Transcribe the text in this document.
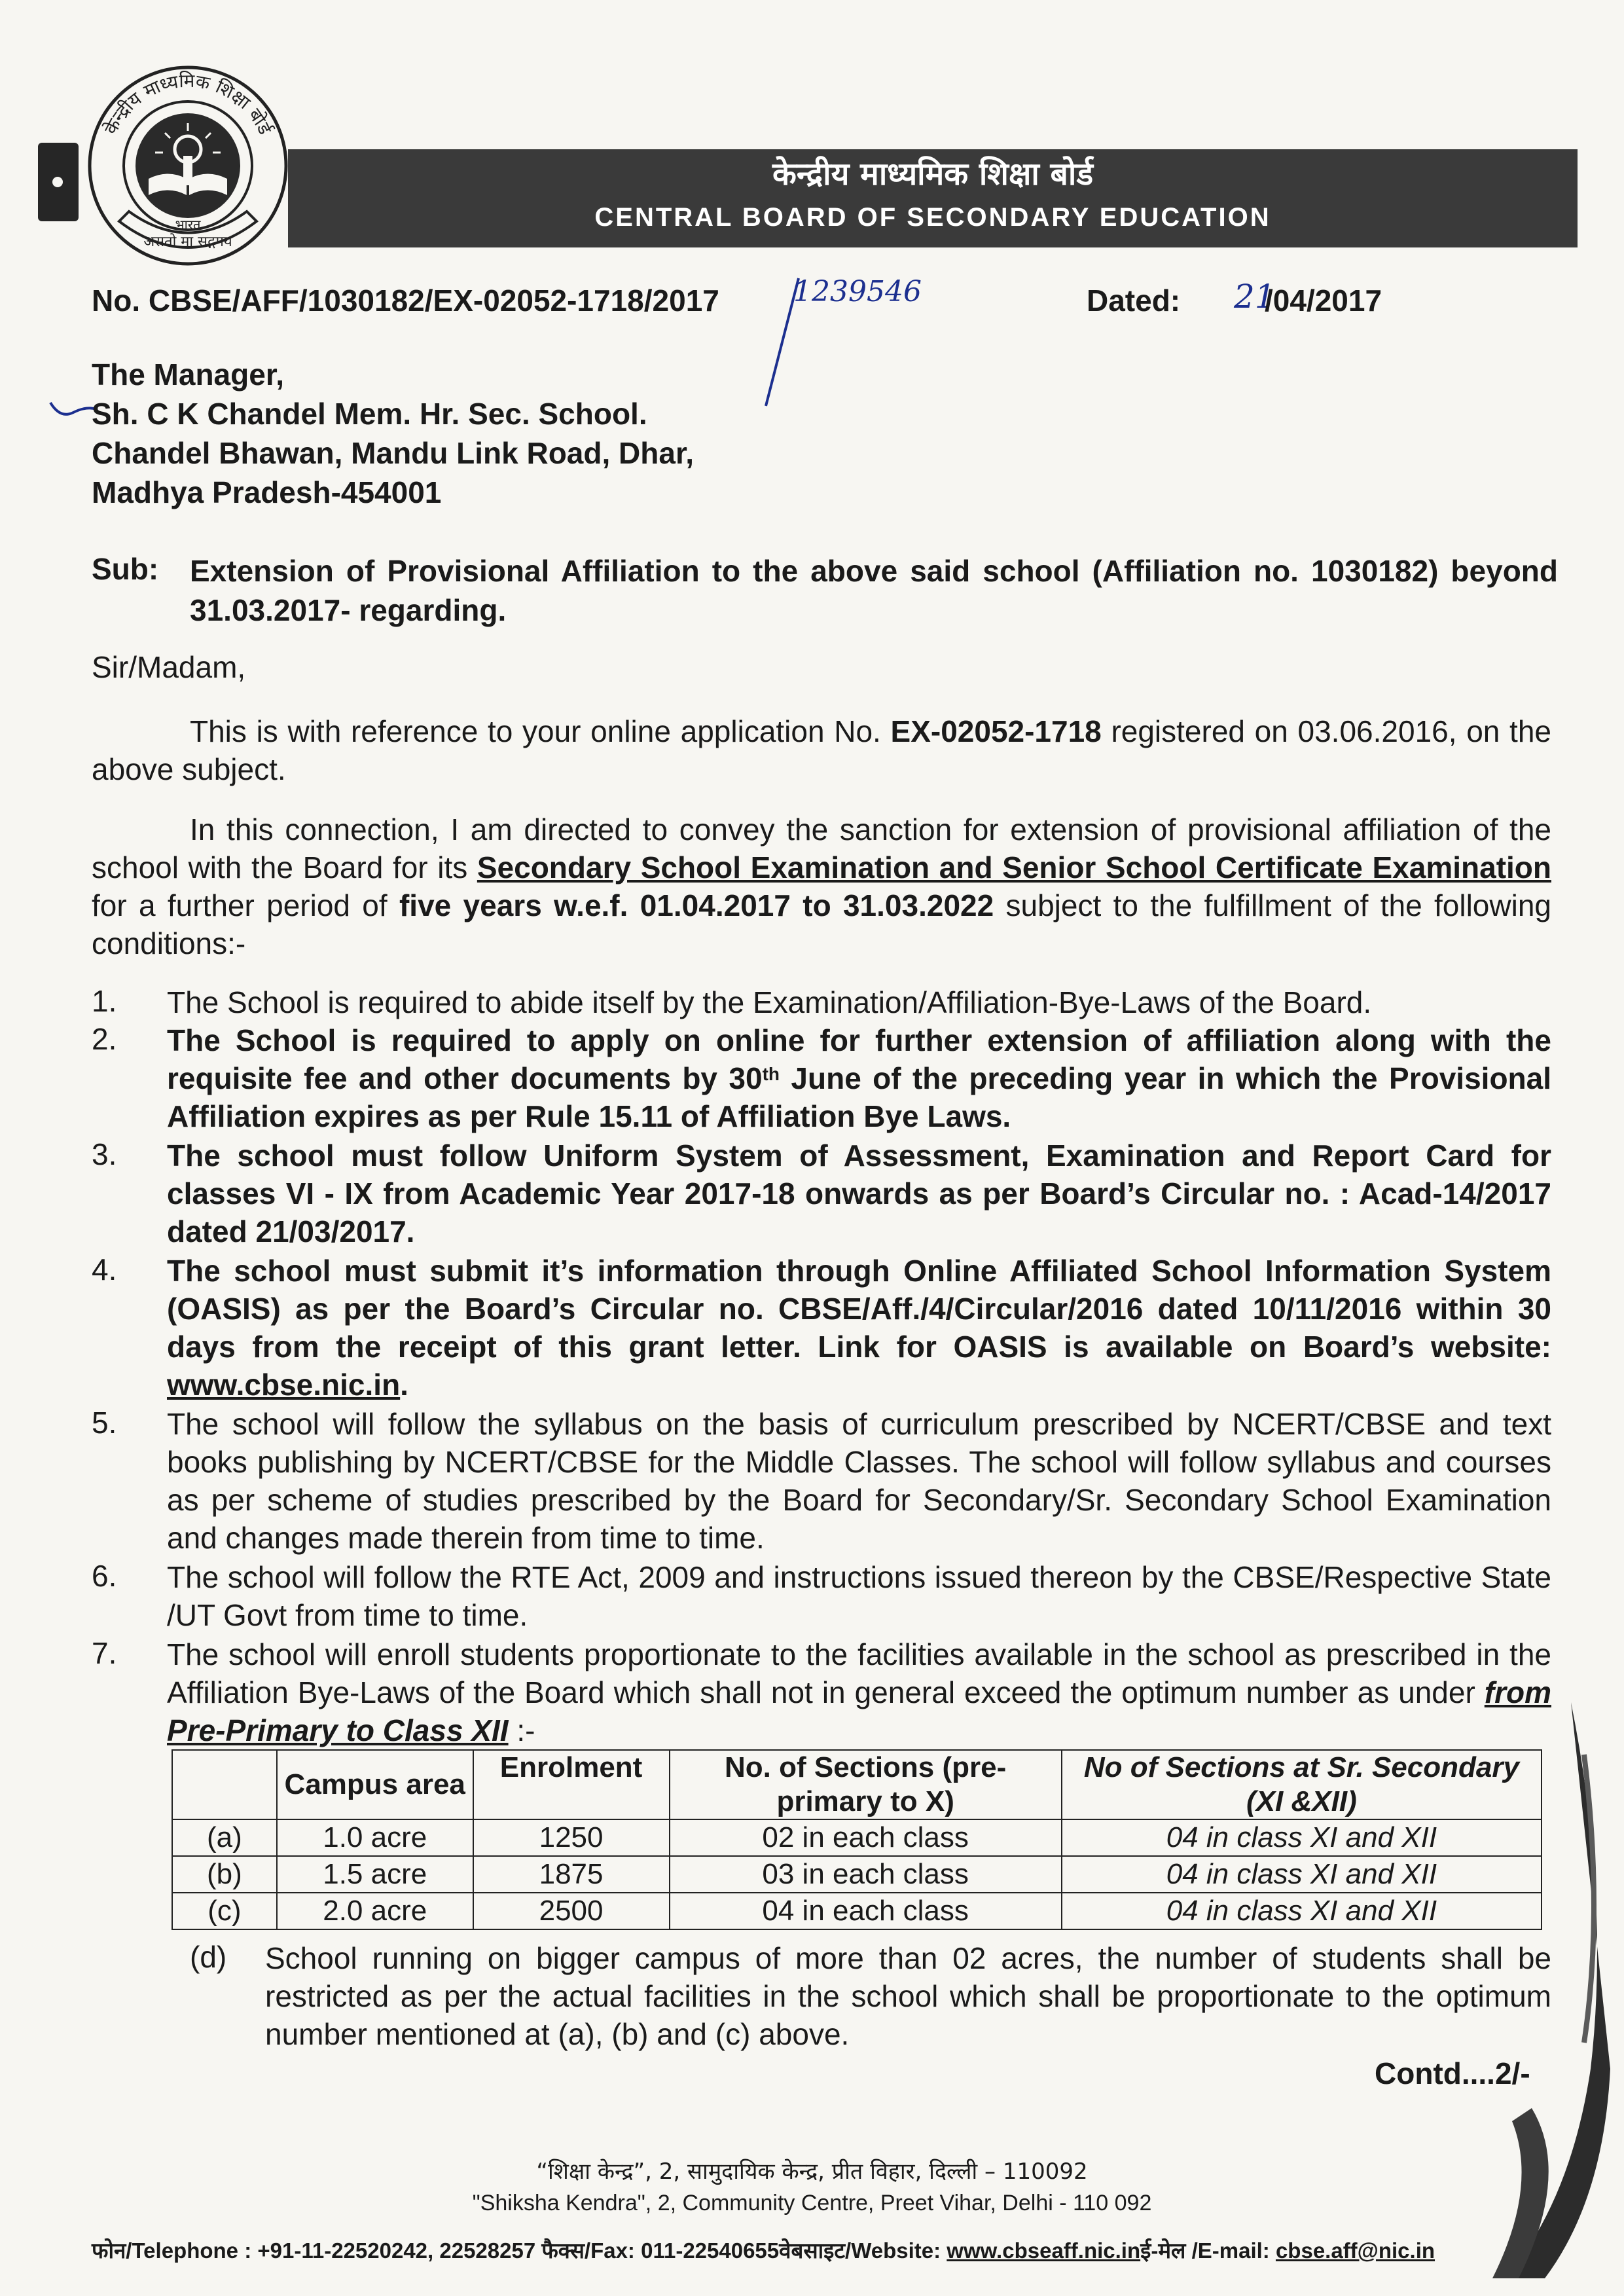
केन्द्रीय माध्यमिक शिक्षा बोर्ड
असतो मा सद्गमय
भारत
केन्द्रीय माध्यमिक शिक्षा बोर्ड
CENTRAL BOARD OF SECONDARY EDUCATION
No. CBSE/AFF/1030182/EX-02052-1718/2017	1239546	Dated: 21
/04/2017
The Manager,
Sh. C K Chandel Mem. Hr. Sec. School.
Chandel Bhawan, Mandu Link Road, Dhar,
Madhya Pradesh-454001
Sub: Extension of Provisional Affiliation to the above said school (Affiliation no. 1030182) beyond 31.03.2017- regarding.
Sir/Madam,
This is with reference to your online application No. EX-02052-1718 registered on 03.06.2016, on the above subject.
In this connection, I am directed to convey the sanction for extension of provisional affiliation of the school with the Board for its Secondary School Examination and Senior School Certificate Examination for a further period of five years w.e.f. 01.04.2017 to 31.03.2022 subject to the fulfillment of the following conditions:-
1. The School is required to abide itself by the Examination/Affiliation-Bye-Laws of the Board.
2. The School is required to apply on online for further extension of affiliation along with the requisite fee and other documents by 30th June of the preceding year in which the Provisional Affiliation expires as per Rule 15.11 of Affiliation Bye Laws.
3. The school must follow Uniform System of Assessment, Examination and Report Card for classes VI - IX from Academic Year 2017-18 onwards as per Board’s Circular no. : Acad-14/2017 dated 21/03/2017.
4. The school must submit it’s information through Online Affiliated School Information System (OASIS) as per the Board’s Circular no. CBSE/Aff./4/Circular/2016 dated 10/11/2016 within 30 days from the receipt of this grant letter. Link for OASIS is available on Board’s website: www.cbse.nic.in.
5. The school will follow the syllabus on the basis of curriculum prescribed by NCERT/CBSE and text books publishing by NCERT/CBSE for the Middle Classes. The school will follow syllabus and courses as per scheme of studies prescribed by the Board for Secondary/Sr. Secondary School Examination and changes made therein from time to time.
6. The school will follow the RTE Act, 2009 and instructions issued thereon by the CBSE/Respective State /UT Govt from time to time.
7. The school will enroll students proportionate to the facilities available in the school as prescribed in the Affiliation Bye-Laws of the Board which shall not in general exceed the optimum number as under from Pre-Primary to Class XII :-
	Campus area	Enrolment	No. of Sections (pre-primary to X)	No of Sections at Sr. Secondary (XI &XII)
(a)	1.0 acre	1250	02 in each class	04 in class XI and XII
(b)	1.5 acre	1875	03 in each class	04 in class XI and XII
(c)	2.0 acre	2500	04 in each class	04 in class XI and XII
(d) School running on bigger campus of more than 02 acres, the number of students shall be restricted as per the actual facilities in the school which shall be proportionate to the optimum number mentioned at (a), (b) and (c) above.
Contd....2/-
“शिक्षा केन्द्र”, 2, सामुदायिक केन्द्र, प्रीत विहार, दिल्ली – 110092
"Shiksha Kendra", 2, Community Centre, Preet Vihar, Delhi - 110 092
फोन/Telephone : +91-11-22520242, 22528257 फैक्स/Fax: 011-22540655वेबसाइट/Website: www.cbseaff.nic.inई-मेल /E-mail: cbse.aff@nic.in
